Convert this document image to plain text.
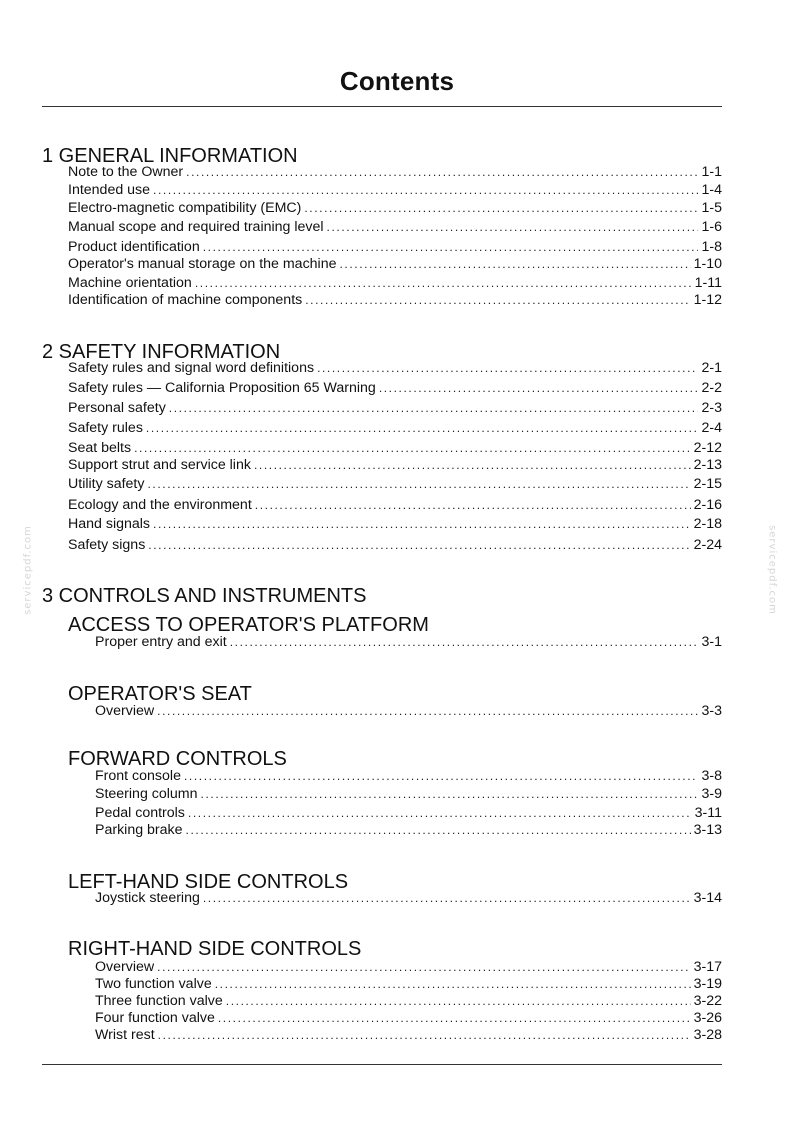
Contents
1 GENERAL INFORMATION
Note to the Owner .....	1-1
Intended use .....	1-4
Electro-magnetic compatibility (EMC) .....	1-5
Manual scope and required training level .....	1-6
Product identification .....	1-8
Operator's manual storage on the machine .....	1-10
Machine orientation .....	1-11
Identification of machine components .....	1-12
2 SAFETY INFORMATION
Safety rules and signal word definitions .....	2-1
Safety rules — California Proposition 65 Warning .....	2-2
Personal safety .....	2-3
Safety rules .....	2-4
Seat belts .....	2-12
Support strut and service link .....	2-13
Utility safety .....	2-15
Ecology and the environment .....	2-16
Hand signals .....	2-18
Safety signs .....	2-24
3 CONTROLS AND INSTRUMENTS
ACCESS TO OPERATOR'S PLATFORM
Proper entry and exit .....	3-1
OPERATOR'S SEAT
Overview .....	3-3
FORWARD CONTROLS
Front console .....	3-8
Steering column .....	3-9
Pedal controls .....	3-11
Parking brake .....	3-13
LEFT-HAND SIDE CONTROLS
Joystick steering .....	3-14
RIGHT-HAND SIDE CONTROLS
Overview .....	3-17
Two function valve .....	3-19
Three function valve .....	3-22
Four function valve .....	3-26
Wrist rest .....	3-28
servicepdf.com	servicepdf.com
